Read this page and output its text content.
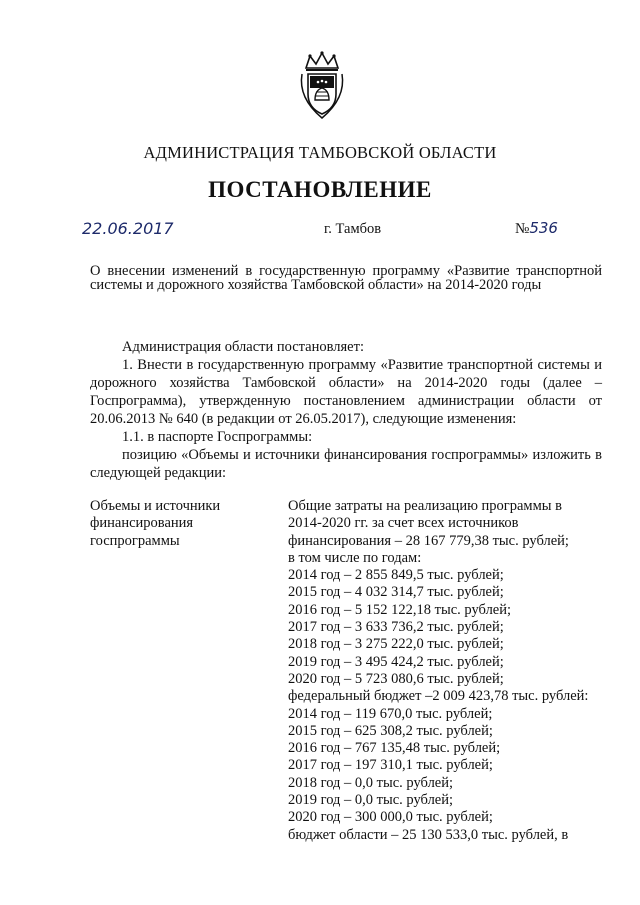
АДМИНИСТРАЦИЯ ТАМБОВСКОЙ ОБЛАСТИ
ПОСТАНОВЛЕНИЕ
22.06.2017	г. Тамбов	№536
О внесении изменений в государственную программу «Развитие транспортной системы и дорожного хозяйства Тамбовской области» на 2014-2020 годы

Администрация области постановляет:

1. Внести в государственную программу «Развитие транспортной системы и дорожного хозяйства Тамбовской области» на 2014-2020 годы (далее – Госпрограмма), утвержденную постановлением администрации области от 20.06.2013 № 640 (в редакции от 26.05.2017), следующие изменения:

1.1. в паспорте Госпрограммы:

позицию «Объемы и источники финансирования госпрограммы» изложить в следующей редакции:

Объемы и источники
финансирования
госпрограммы
Общие затраты на реализацию программы в
2014-2020 гг. за счет всех источников
финансирования – 28 167 779,38 тыс. рублей;
в том числе по годам:
2014 год – 2 855 849,5 тыс. рублей;
2015 год – 4 032 314,7 тыс. рублей;
2016 год – 5 152 122,18 тыс. рублей;
2017 год – 3 633 736,2 тыс. рублей;
2018 год – 3 275 222,0 тыс. рублей;
2019 год – 3 495 424,2 тыс. рублей;
2020 год – 5 723 080,6 тыс. рублей;
федеральный бюджет –2 009 423,78 тыс. рублей:
2014 год – 119 670,0 тыс. рублей;
2015 год – 625 308,2 тыс. рублей;
2016 год – 767 135,48 тыс. рублей;
2017 год – 197 310,1 тыс. рублей;
2018 год – 0,0 тыс. рублей;
2019 год – 0,0 тыс. рублей;
2020 год – 300 000,0 тыс. рублей;
бюджет области – 25 130 533,0 тыс. рублей, в
